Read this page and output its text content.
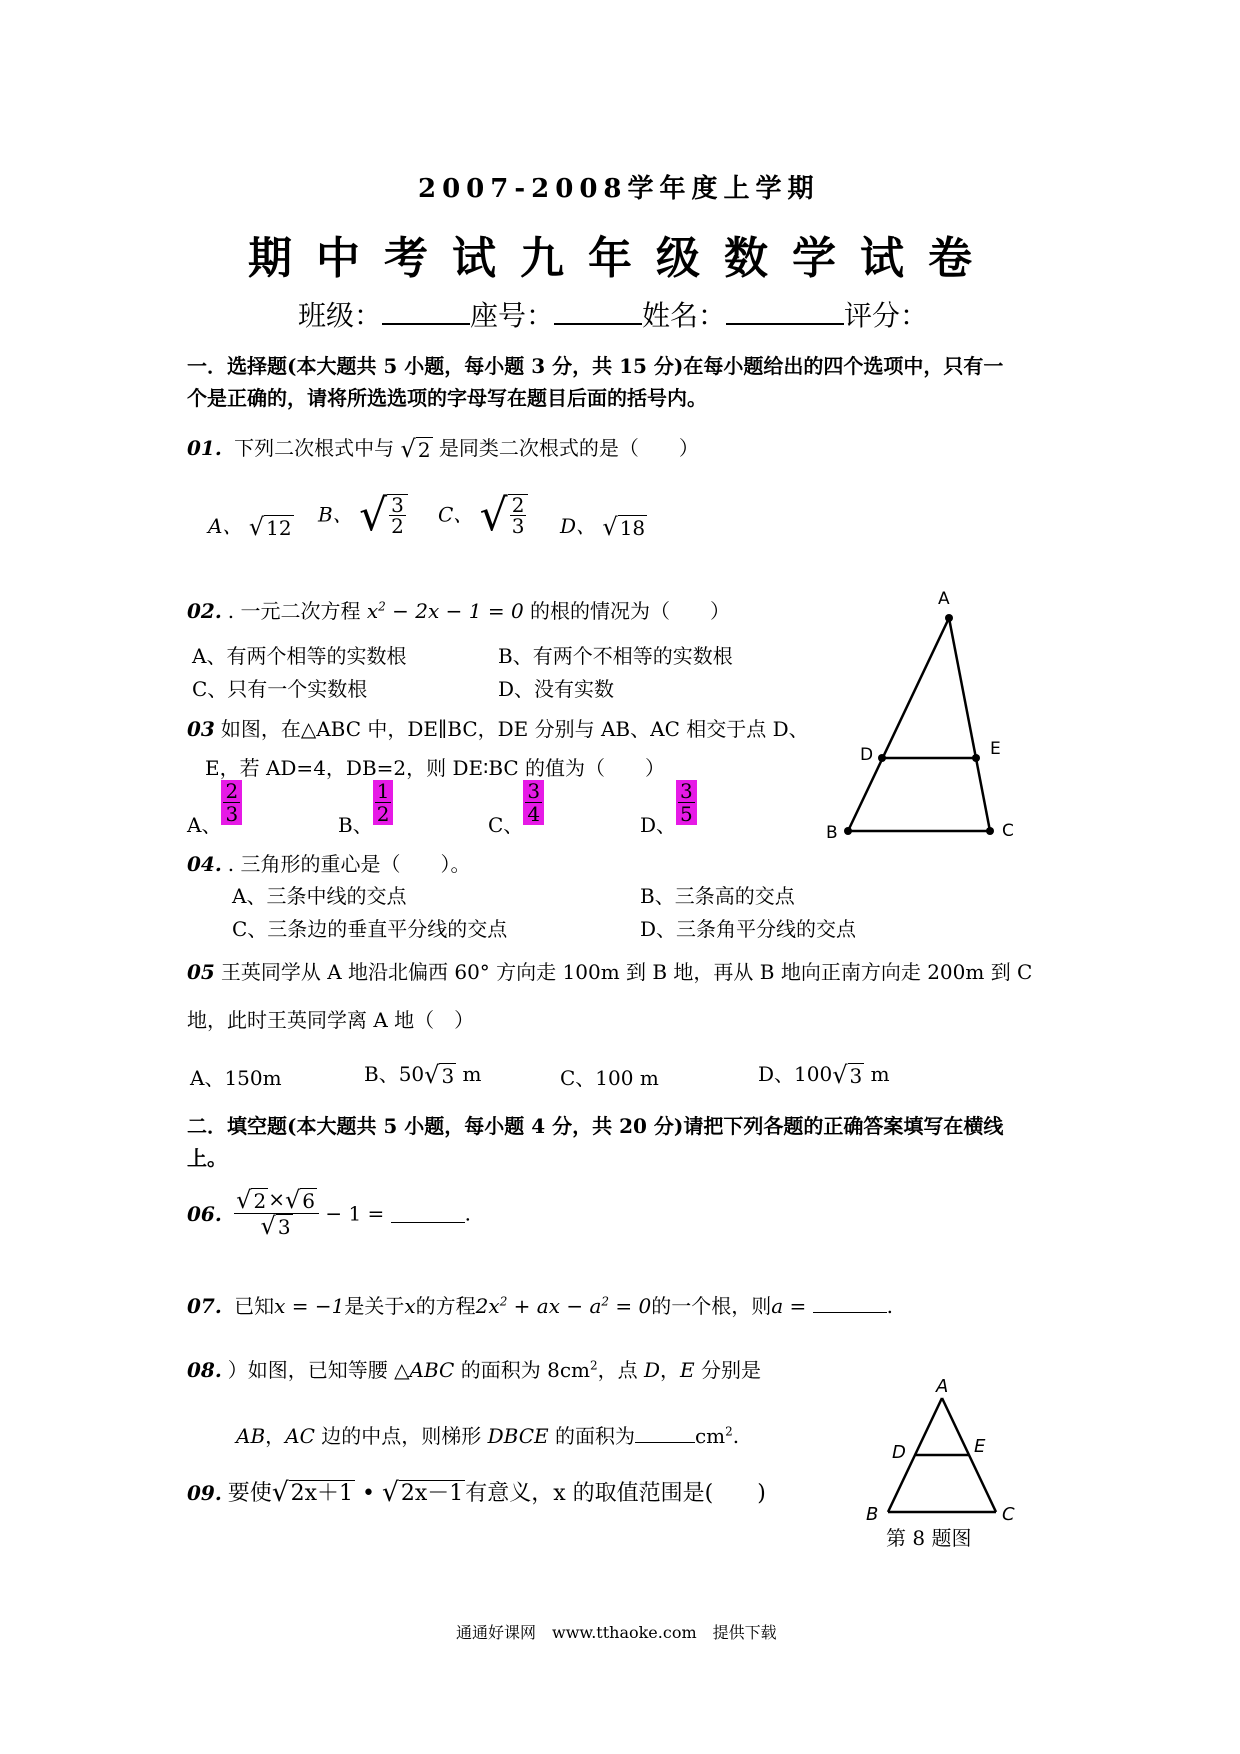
2007-2008学年度上学期
期中考试九年级数学试卷
班级：	座号：	姓名：	评分：
一．选择题(本大题共 5 小题，每小题 3 分，共 15 分)在每小题给出的四个选项中，只有一
个是正确的，请将所选选项的字母写在题目后面的括号内。
01. 下列二次根式中与 √ 2 是同类二次根式的是（　　）
A、 √ 12
B、 √ $\frac{3}{2}$ C、 √ $\frac{2}{3}$ D、 √ 18
02. . 一元二次方程 $x^2 - 2x - 1 = 0$ 的根的情况为（　　）
A、有两个相等的实数根	B、有两个不相等的实数根
C、只有一个实数根	D、没有实数
03 如图，在△ABC 中，DE∥BC，DE 分别与 AB、AC 相交于点 D、
E，若 AD=4，DB=2，则 DE∶BC 的值为（　　）
A、 $\frac{2}{3}$	B、 $\frac{1}{2}$	C、 $\frac{3}{4}$	D、 $\frac{3}{5}$
A
B	C
D	E
04. . 三角形的重心是（　　）。
A、三条中线的交点	B、三条高的交点
C、三条边的垂直平分线的交点	D、三条角平分线的交点
05 王英同学从 A 地沿北偏西 60° 方向走 100m 到 B 地，再从 B 地向正南方向走 200m 到 C
地，此时王英同学离 A 地（　）
A、150m	B、50 √ 3 m	C、100 m	D、100 √ 3 m
二．填空题(本大题共 5 小题，每小题 4 分，共 20 分)请把下列各题的正确答案填写在横线
上。
06. $\frac{√ 2 \times √ 6}{√ 3} - 1$ =	.
07. 已知x = −1是关于x的方程$2x^2$ + ax − $a^2 = 0$的一个根，则a =	.
08. ）如图，已知等腰 △ABC 的面积为 $8cm^2$，点 D，E 分别是
AB，AC 边的中点，则梯形 DBCE 的面积为	$cm^2$.
A
B	C
D	E
第 8 题图
09. 要使 √ 2x＋1 • √ 2x－1 有意义，x 的取值范围是(　　)
通通好课网　www.tthaoke.com　提供下载
